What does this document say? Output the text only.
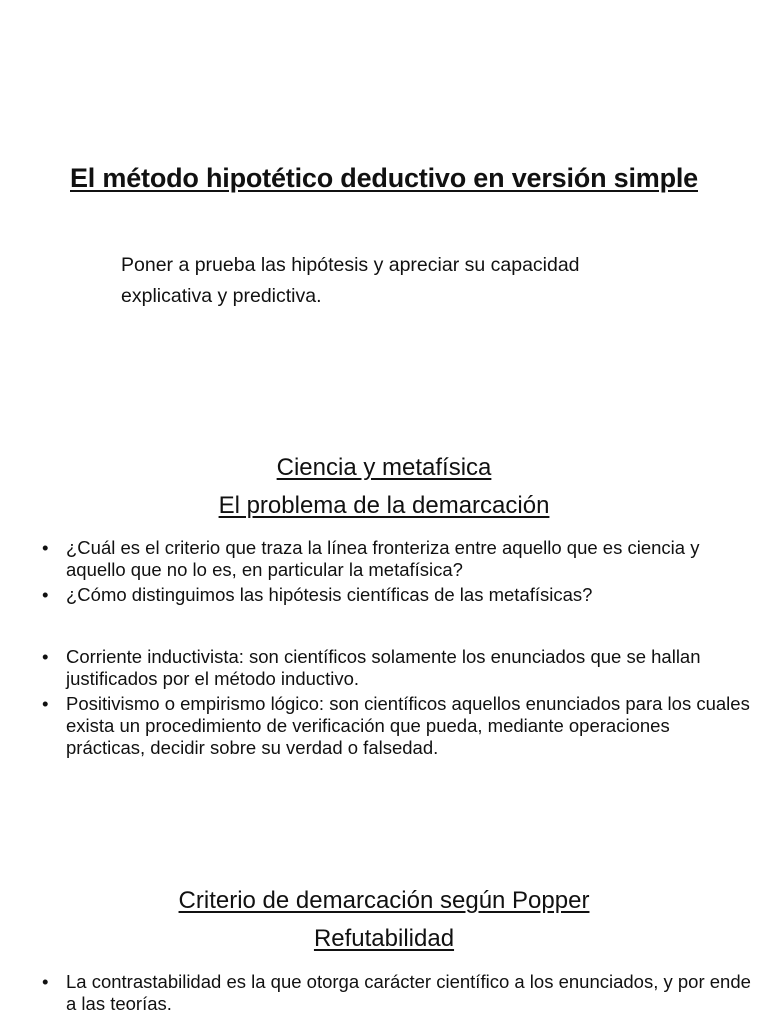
El método hipotético deductivo en versión simple
Poner a prueba las hipótesis y apreciar su capacidad explicativa y predictiva.
Ciencia y metafísica
El problema de la demarcación
• ¿Cuál es el criterio que traza la línea fronteriza entre aquello que es ciencia y aquello que no lo es, en particular la metafísica?
• ¿Cómo distinguimos las hipótesis científicas de las metafísicas?
• Corriente inductivista: son científicos solamente los enunciados que se hallan justificados por el método inductivo.
• Positivismo o empirismo lógico: son científicos aquellos enunciados para los cuales exista un procedimiento de verificación que pueda, mediante operaciones prácticas, decidir sobre su verdad o falsedad.
Criterio de demarcación según Popper
Refutabilidad
• La contrastabilidad es la que otorga carácter científico a los enunciados, y por ende a las teorías.
